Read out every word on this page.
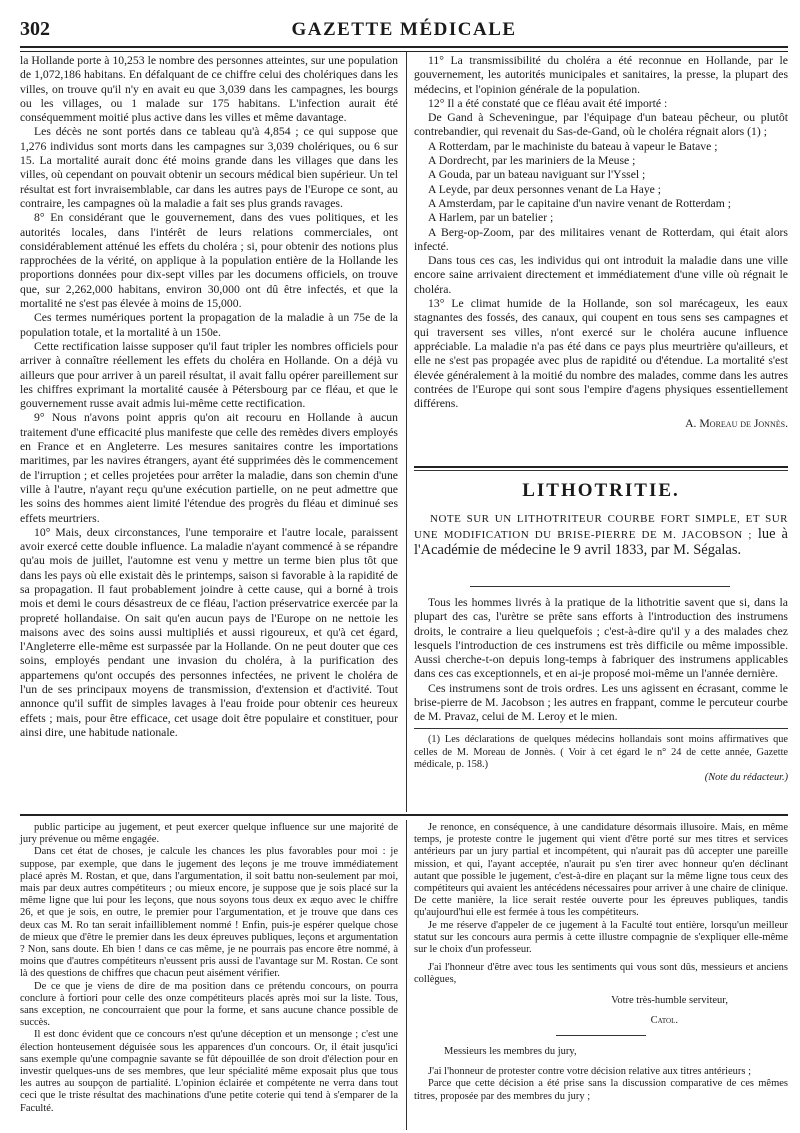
302	GAZETTE MÉDICALE

la Hollande porte à 10,253 le nombre des personnes atteintes, sur une population de 1,072,186 habitans. En défalquant de ce chiffre celui des cholériques dans les villes, on trouve qu'il n'y en avait eu que 3,039 dans les campagnes, les bourgs ou les villages, ou 1 malade sur 175 habitans. L'infection aurait été conséquemment moitié plus active dans les villes et même davantage.

Les décès ne sont portés dans ce tableau qu'à 4,854 ; ce qui suppose que 1,276 individus sont morts dans les campagnes sur 3,039 cholériques, ou 6 sur 15. La mortalité aurait donc été moins grande dans les villages que dans les villes, où cependant on pouvait obtenir un secours médical bien supérieur. Un tel résultat est fort invraisemblable, car dans les autres pays de l'Europe ce sont, au contraire, les campagnes où la maladie a fait ses plus grands ravages.

8° En considérant que le gouvernement, dans des vues politiques, et les autorités locales, dans l'intérêt de leurs relations commerciales, ont considérablement atténué les effets du choléra ; si, pour obtenir des notions plus rapprochées de la vérité, on applique à la population entière de la Hollande les proportions données pour dix-sept villes par les documens officiels, on trouve que, sur 2,262,000 habitans, environ 30,000 ont dû être infectés, et que la mortalité ne s'est pas élevée à moins de 15,000.

Ces termes numériques portent la propagation de la maladie à un 75e de la population totale, et la mortalité à un 150e.

Cette rectification laisse supposer qu'il faut tripler les nombres officiels pour arriver à connaître réellement les effets du choléra en Hollande. On a déjà vu ailleurs que pour arriver à un pareil résultat, il avait fallu opérer pareillement sur les chiffres exprimant la mortalité causée à Pétersbourg par ce fléau, et que le gouvernement russe avait admis lui-même cette rectification.

9° Nous n'avons point appris qu'on ait recouru en Hollande à aucun traitement d'une efficacité plus manifeste que celle des remèdes divers employés en France et en Angleterre. Les mesures sanitaires contre les importations maritimes, par les navires étrangers, ayant été supprimées dès le commencement de l'irruption ; et celles projetées pour arrêter la maladie, dans son chemin d'une ville à l'autre, n'ayant reçu qu'une exécution partielle, on ne peut admettre que les soins des hommes aient limité l'étendue des progrès du fléau et diminué ses effets meurtriers.

10° Mais, deux circonstances, l'une temporaire et l'autre locale, paraissent avoir exercé cette double influence. La maladie n'ayant commencé à se répandre qu'au mois de juillet, l'automne est venu y mettre un terme bien plus tôt que dans les pays où elle existait dès le printemps, saison si favorable à la rapidité de sa propagation. Il faut probablement joindre à cette cause, qui a borné à trois mois et demi le cours désastreux de ce fléau, l'action préservatrice exercée par la propreté hollandaise. On sait qu'en aucun pays de l'Europe on ne nettoie les maisons avec des soins aussi multipliés et aussi rigoureux, et qu'à cet égard, l'Angleterre elle-même est surpassée par la Hollande. On ne peut douter que ces soins, employés pendant une invasion du choléra, à la purification des appartemens qu'ont occupés des personnes infectées, ne privent le choléra de l'un de ses principaux moyens de transmission, d'extension et d'activité. Tout annonce qu'il suffit de simples lavages à l'eau froide pour obtenir ces heureux effets ; mais, pour être efficace, cet usage doit être populaire et constituer, pour ainsi dire, une habitude nationale.

11° La transmissibilité du choléra a été reconnue en Hollande, par le gouvernement, les autorités municipales et sanitaires, la presse, la plupart des médecins, et l'opinion générale de la population.

12° Il a été constaté que ce fléau avait été importé :

De Gand à Scheveningue, par l'équipage d'un bateau pêcheur, ou plutôt contrebandier, qui revenait du Sas-de-Gand, où le choléra régnait alors (1) ;

A Rotterdam, par le machiniste du bateau à vapeur le Batave ;

A Dordrecht, par les mariniers de la Meuse ;

A Gouda, par un bateau naviguant sur l'Yssel ;

A Leyde, par deux personnes venant de La Haye ;

A Amsterdam, par le capitaine d'un navire venant de Rotterdam ;

A Harlem, par un batelier ;

A Berg-op-Zoom, par des militaires venant de Rotterdam, qui était alors infecté.

Dans tous ces cas, les individus qui ont introduit la maladie dans une ville encore saine arrivaient directement et immédiatement d'une ville où régnait le choléra.

13° Le climat humide de la Hollande, son sol marécageux, les eaux stagnantes des fossés, des canaux, qui coupent en tous sens ses campagnes et qui traversent ses villes, n'ont exercé sur le choléra aucune influence appréciable. La maladie n'a pas été dans ce pays plus meurtrière qu'ailleurs, et elle ne s'est pas propagée avec plus de rapidité ou d'étendue. La mortalité s'est élevée généralement à la moitié du nombre des malades, comme dans les autres contrées de l'Europe qui sont sous l'empire d'agens physiques essentiellement différens.

A. Moreau de Jonnès.

LITHOTRITIE.

NOTE SUR UN LITHOTRITEUR COURBE FORT SIMPLE, ET SUR UNE MODIFICATION DU BRISE-PIERRE DE M. JACOBSON ; lue à l'Académie de médecine le 9 avril 1833, par M. Ségalas.

Tous les hommes livrés à la pratique de la lithotritie savent que si, dans la plupart des cas, l'urètre se prête sans efforts à l'introduction des instrumens droits, le contraire a lieu quelquefois ; c'est-à-dire qu'il y a des malades chez lesquels l'introduction de ces instrumens est très difficile ou même impossible. Aussi cherche-t-on depuis long-temps à fabriquer des instrumens applicables dans ces cas exceptionnels, et en ai-je proposé moi-même un l'année dernière.

Ces instrumens sont de trois ordres. Les uns agissent en écrasant, comme le brise-pierre de M. Jacobson ; les autres en frappant, comme le percuteur courbe de M. Pravaz, celui de M. Leroy et le mien.

(1) Les déclarations de quelques médecins hollandais sont moins affirmatives que celles de M. Moreau de Jonnès. ( Voir à cet égard le n° 24 de cette année, Gazette médicale, p. 158.)

(Note du rédacteur.)

public participe au jugement, et peut exercer quelque influence sur une majorité de jury prévenue ou même engagée.

Dans cet état de choses, je calcule les chances les plus favorables pour moi : je suppose, par exemple, que dans le jugement des leçons je me trouve immédiatement placé après M. Rostan, et que, dans l'argumentation, il soit battu non-seulement par moi, mais par deux autres compétiteurs ; ou mieux encore, je suppose que je sois placé sur la même ligne que lui pour les leçons, que nous soyons tous deux ex æquo avec le chiffre 26, et que je sois, en outre, le premier pour l'argumentation, et je trouve que dans ces deux cas M. Ro tan serait infailliblement nommé ! Enfin, puis-je espérer quelque chose de mieux que d'être le premier dans les deux épreuves publiques, leçons et argumentation ? Non, sans doute. Eh bien ! dans ce cas même, je ne pourrais pas encore être nommé, à moins que d'autres compétiteurs n'eussent pris aussi de l'avantage sur M. Rostan. Ce sont là des questions de chiffres que chacun peut aisément vérifier.

De ce que je viens de dire de ma position dans ce prétendu concours, on pourra conclure à fortiori pour celle des onze compétiteurs placés après moi sur la liste. Tous, sans exception, ne concourraient que pour la forme, et sans aucune chance possible de succès.

Il est donc évident que ce concours n'est qu'une déception et un mensonge ; c'est une élection honteusement déguisée sous les apparences d'un concours. Or, il était jusqu'ici sans exemple qu'une compagnie savante se fût dépouillée de son droit d'élection pour en investir quelques-uns de ses membres, que leur spécialité même exposait plus que tous les autres au soupçon de partialité. L'opinion éclairée et compétente ne verra dans tout ceci que le triste résultat des machinations d'une petite coterie qui tend à s'emparer de la Faculté.

Je renonce, en conséquence, à une candidature désormais illusoire. Mais, en même temps, je proteste contre le jugement qui vient d'être porté sur mes titres et services antérieurs par un jury partial et incompétent, qui n'aurait pas dû accepter une pareille mission, et qui, l'ayant acceptée, n'aurait pu s'en tirer avec honneur qu'en déclinant autant que possible le jugement, c'est-à-dire en plaçant sur la même ligne tous ceux des compétiteurs qui avaient les antécédens nécessaires pour arriver à une chaire de clinique. De cette manière, la lice serait restée ouverte pour les épreuves publiques, tandis qu'aujourd'hui elle est fermée à tous les compétiteurs.

Je me réserve d'appeler de ce jugement à la Faculté tout entière, lorsqu'un meilleur statut sur les concours aura permis à cette illustre compagnie de s'expliquer elle-même sur le choix d'un professeur.

J'ai l'honneur d'être avec tous les sentiments qui vous sont dûs, messieurs et anciens collègues,

Votre très-humble serviteur,

Catol.

Messieurs les membres du jury,

J'ai l'honneur de protester contre votre décision relative aux titres antérieurs ;

Parce que cette décision a été prise sans la discussion comparative de ces mêmes titres, proposée par des membres du jury ;
